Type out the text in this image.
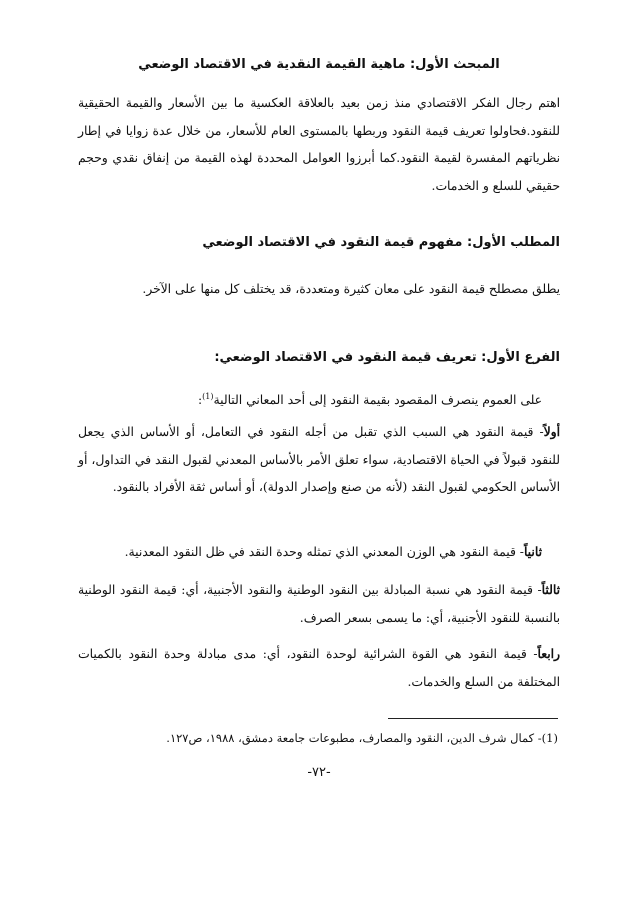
المبحث الأول: ماهية القيمة النقدية في الاقتصاد الوضعي

اهتم رجال الفكر الاقتصادي منذ زمن بعيد بالعلاقة العكسية ما بين الأسعار والقيمة الحقيقية للنقود.فحاولوا تعريف قيمة النقود وربطها بالمستوى العام للأسعار، من خلال عدة زوايا في إطار نظرياتهم المفسرة لقيمة النقود.كما أبرزوا العوامل المحددة لهذه القيمة من إنفاق نقدي وحجم حقيقي للسلع و الخدمات.

المطلب الأول: مفهوم قيمة النقود في الاقتصاد الوضعي

يطلق مصطلح قيمة النقود على معان كثيرة ومتعددة، قد يختلف كل منها على الآخر.

الفرع الأول: تعريف قيمة النقود في الاقتصاد الوضعي:

على العموم ينصرف المقصود بقيمة النقود إلى أحد المعاني التالية$^{(1)}$:

أولاً- قيمة النقود هي السبب الذي تقبل من أجله النقود في التعامل، أو الأساس الذي يجعل للنقود قبولاً في الحياة الاقتصادية، سواء تعلق الأمر بالأساس المعدني لقبول النقد في التداول، أو الأساس الحكومي لقبول النقد (لأنه من صنع وإصدار الدولة)، أو أساس ثقة الأفراد بالنقود.

ثانياً- قيمة النقود هي الوزن المعدني الذي تمثله وحدة النقد في ظل النقود المعدنية.

ثالثاً- قيمة النقود هي نسبة المبادلة بين النقود الوطنية والنقود الأجنبية، أي: قيمة النقود الوطنية بالنسبة للنقود الأجنبية، أي: ما يسمى بسعر الصرف.

رابعاً- قيمة النقود هي القوة الشرائية لوحدة النقود، أي: مدى مبادلة وحدة النقود بالكميات المختلفة من السلع والخدمات.

(1)- كمال شرف الدين، النقود والمصارف، مطبوعات جامعة دمشق، ١٩٨٨، ص١٢٧.

-٧٢-
